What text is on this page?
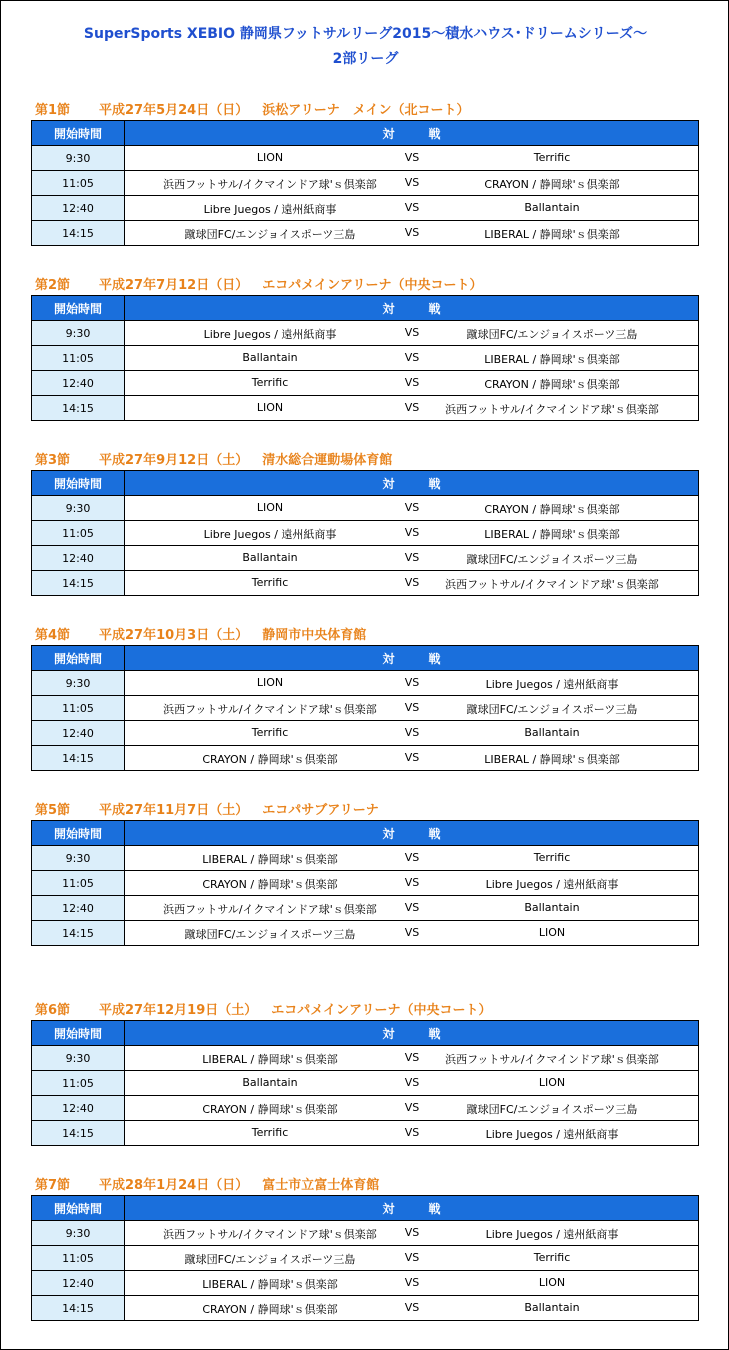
SuperSports XEBIO 静岡県フットサルリーグ2015～積水ハウス･ドリームシリーズ～
2部リーグ
第1節 平成27年5月24日（日） 浜松アリーナ　メイン（北コート）
開始時間	対 戦
9:30	LION VS Terrific

11:05	浜西フットサル/イクマインドア球'ｓ倶楽部 VS CRAYON / 静岡球'ｓ倶楽部

12:40	Libre Juegos / 遠州紙商事 VS Ballantain

14:15	蹴球団FC/エンジョイスポーツ三島 VS LIBERAL / 静岡球'ｓ倶楽部
第2節 平成27年7月12日（日） エコパメインアリーナ（中央コート）
開始時間	対 戦
9:30	Libre Juegos / 遠州紙商事 VS 蹴球団FC/エンジョイスポーツ三島

11:05	Ballantain VS LIBERAL / 静岡球'ｓ倶楽部

12:40	Terrific VS CRAYON / 静岡球'ｓ倶楽部

14:15	LION VS 浜西フットサル/イクマインドア球'ｓ倶楽部
第3節 平成27年9月12日（土） 清水総合運動場体育館
開始時間	対 戦
9:30	LION VS CRAYON / 静岡球'ｓ倶楽部

11:05	Libre Juegos / 遠州紙商事 VS LIBERAL / 静岡球'ｓ倶楽部

12:40	Ballantain VS 蹴球団FC/エンジョイスポーツ三島

14:15	Terrific VS 浜西フットサル/イクマインドア球'ｓ倶楽部
第4節 平成27年10月3日（土） 静岡市中央体育館
開始時間	対 戦
9:30	LION VS Libre Juegos / 遠州紙商事

11:05	浜西フットサル/イクマインドア球'ｓ倶楽部 VS 蹴球団FC/エンジョイスポーツ三島

12:40	Terrific VS Ballantain

14:15	CRAYON / 静岡球'ｓ倶楽部 VS LIBERAL / 静岡球'ｓ倶楽部
第5節 平成27年11月7日（土） エコパサブアリーナ
開始時間	対 戦
9:30	LIBERAL / 静岡球'ｓ倶楽部 VS Terrific

11:05	CRAYON / 静岡球'ｓ倶楽部 VS Libre Juegos / 遠州紙商事

12:40	浜西フットサル/イクマインドア球'ｓ倶楽部 VS Ballantain

14:15	蹴球団FC/エンジョイスポーツ三島 VS LION
第6節 平成27年12月19日（土） エコパメインアリーナ（中央コート）
開始時間	対 戦
9:30	LIBERAL / 静岡球'ｓ倶楽部 VS 浜西フットサル/イクマインドア球'ｓ倶楽部

11:05	Ballantain VS LION

12:40	CRAYON / 静岡球'ｓ倶楽部 VS 蹴球団FC/エンジョイスポーツ三島

14:15	Terrific VS Libre Juegos / 遠州紙商事
第7節 平成28年1月24日（日） 富士市立富士体育館
開始時間	対 戦
9:30	浜西フットサル/イクマインドア球'ｓ倶楽部 VS Libre Juegos / 遠州紙商事

11:05	蹴球団FC/エンジョイスポーツ三島 VS Terrific

12:40	LIBERAL / 静岡球'ｓ倶楽部 VS LION

14:15	CRAYON / 静岡球'ｓ倶楽部 VS Ballantain
